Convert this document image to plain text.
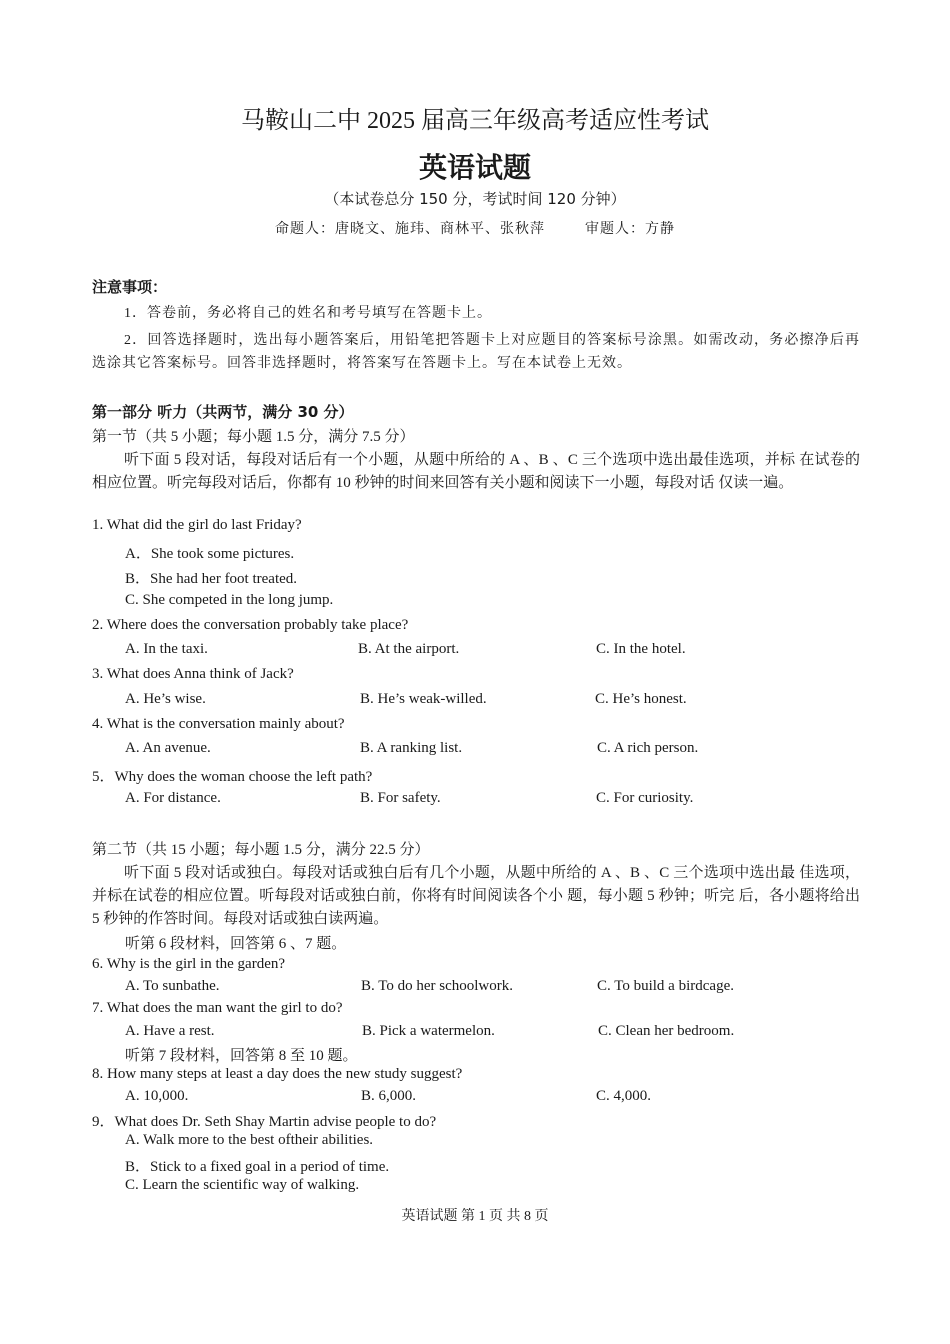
马鞍山二中 2025 届高三年级高考适应性考试
英语试题
（本试卷总分 150 分，考试时间 120 分钟）
命题人：唐晓文、施玮、商林平、张秋萍	审题人：方静
注意事项：
1．答卷前，务必将自己的姓名和考号填写在答题卡上。
2．回答选择题时，选出每小题答案后，用铅笔把答题卡上对应题目的答案标号涂黑。如需改动，务必擦净后再选涂其它答案标号。回答非选择题时，将答案写在答题卡上。写在本试卷上无效。
第一部分 听力（共两节，满分 30 分）
第一节（共 5 小题；每小题 1.5 分，满分 7.5 分）
听下面 5 段对话，每段对话后有一个小题，从题中所给的 A 、B 、C 三个选项中选出最佳选项，并标 在试卷的相应位置。听完每段对话后，你都有 10 秒钟的时间来回答有关小题和阅读下一小题，每段对话 仅读一遍。
1. What did the girl do last Friday?
A．She took some pictures.
B．She had her foot treated.
C. She competed in the long jump.
2. Where does the conversation probably take place?
A. In the taxi.	B. At the airport.	C. In the hotel.
3. What does Anna think of Jack?
A. He’s wise.	B. He’s weak-willed.	C. He’s honest.
4. What is the conversation mainly about?
A. An avenue.	B. A ranking list.	C. A rich person.
5．Why does the woman choose the left path?
A. For distance.	B. For safety.	C. For curiosity.
第二节（共 15 小题；每小题 1.5 分，满分 22.5 分）
听下面 5 段对话或独白。每段对话或独白后有几个小题，从题中所给的 A 、B 、C 三个选项中选出最 佳选项，并标在试卷的相应位置。听每段对话或独白前，你将有时间阅读各个小 题，每小题 5 秒钟；听完 后，各小题将给出 5 秒钟的作答时间。每段对话或独白读两遍。
听第 6 段材料，回答第 6 、7 题。
6. Why is the girl in the garden?
A. To sunbathe.	B. To do her schoolwork.	C. To build a birdcage.
7. What does the man want the girl to do?
A. Have a rest.	B. Pick a watermelon.	C. Clean her bedroom.
听第 7 段材料，回答第 8 至 10 题。
8. How many steps at least a day does the new study suggest?
A. 10,000.	B. 6,000.	C. 4,000.
9．What does Dr. Seth Shay Martin advise people to do?
A. Walk more to the best oftheir abilities.
B．Stick to a fixed goal in a period of time.
C. Learn the scientific way of walking.
英语试题 第 1 页 共 8 页
